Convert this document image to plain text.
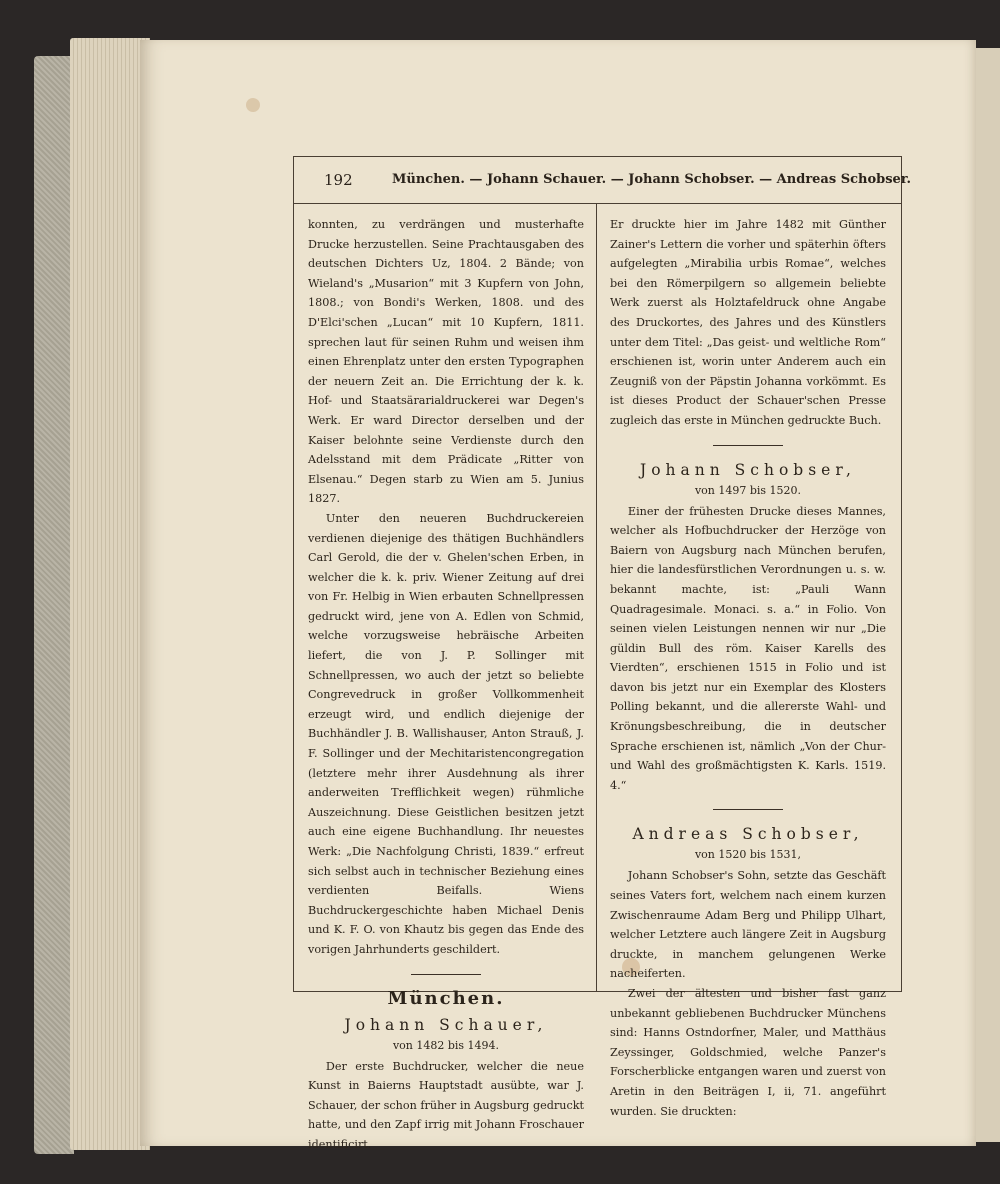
192	München. — Johann Schauer. — Johann Schobser. — Andreas Schobser.

konnten, zu verdrängen und musterhafte Drucke herzustellen. Seine Prachtausgaben des deutschen Dichters Uz, 1804. 2 Bände; von Wieland's „Musarion“ mit 3 Kupfern von John, 1808.; von Bondi's Werken, 1808. und des D'Elci'schen „Lucan“ mit 10 Kupfern, 1811. sprechen laut für seinen Ruhm und weisen ihm einen Ehrenplatz unter den ersten Typographen der neuern Zeit an. Die Errichtung der k. k. Hof- und Staatsärarialdruckerei war Degen's Werk. Er ward Director derselben und der Kaiser belohnte seine Verdienste durch den Adelsstand mit dem Prädicate „Ritter von Elsenau.“ Degen starb zu Wien am 5. Junius 1827.

Unter den neueren Buchdruckereien verdienen diejenige des thätigen Buchhändlers Carl Gerold, die der v. Ghelen'schen Erben, in welcher die k. k. priv. Wiener Zeitung auf drei von Fr. Helbig in Wien erbauten Schnellpressen gedruckt wird, jene von A. Edlen von Schmid, welche vorzugsweise hebräische Arbeiten liefert, die von J. P. Sollinger mit Schnellpressen, wo auch der jetzt so beliebte Congrevedruck in großer Vollkommenheit erzeugt wird, und endlich diejenige der Buchhändler J. B. Wallishauser, Anton Strauß, J. F. Sollinger und der Mechitaristencongregation (letztere mehr ihrer Ausdehnung als ihrer anderweiten Trefflichkeit wegen) rühmliche Auszeichnung. Diese Geistlichen besitzen jetzt auch eine eigene Buchhandlung. Ihr neuestes Werk: „Die Nachfolgung Christi, 1839.“ erfreut sich selbst auch in technischer Beziehung eines verdienten Beifalls. Wiens Buchdruckergeschichte haben Michael Denis und K. F. O. von Khautz bis gegen das Ende des vorigen Jahrhunderts geschildert.

München.
Johann Schauer,
von 1482 bis 1494.

Der erste Buchdrucker, welcher die neue Kunst in Baierns Hauptstadt ausübte, war J. Schauer, der schon früher in Augsburg gedruckt hatte, und den Zapf irrig mit Johann Froschauer identificirt.

Er druckte hier im Jahre 1482 mit Günther Zainer's Lettern die vorher und späterhin öfters aufgelegten „Mirabilia urbis Romae“, welches bei den Römerpilgern so allgemein beliebte Werk zuerst als Holztafeldruck ohne Angabe des Druckortes, des Jahres und des Künstlers unter dem Titel: „Das geist- und weltliche Rom“ erschienen ist, worin unter Anderem auch ein Zeugniß von der Päpstin Johanna vorkömmt. Es ist dieses Product der Schauer'schen Presse zugleich das erste in München gedruckte Buch.

Johann Schobser,
von 1497 bis 1520.

Einer der frühesten Drucke dieses Mannes, welcher als Hofbuchdrucker der Herzöge von Baiern von Augsburg nach München berufen, hier die landesfürstlichen Verordnungen u. s. w. bekannt machte, ist: „Pauli Wann Quadragesimale. Monaci. s. a.“ in Folio. Von seinen vielen Leistungen nennen wir nur „Die güldin Bull des röm. Kaiser Karells des Vierdten“, erschienen 1515 in Folio und ist davon bis jetzt nur ein Exemplar des Klosters Polling bekannt, und die allererste Wahl- und Krönungsbeschreibung, die in deutscher Sprache erschienen ist, nämlich „Von der Chur- und Wahl des großmächtigsten K. Karls. 1519. 4.“

Andreas Schobser,
von 1520 bis 1531,

Johann Schobser's Sohn, setzte das Geschäft seines Vaters fort, welchem nach einem kurzen Zwischenraume Adam Berg und Philipp Ulhart, welcher Letztere auch längere Zeit in Augsburg druckte, in manchem gelungenen Werke nacheiferten.

Zwei der ältesten und bisher fast ganz unbekannt gebliebenen Buchdrucker Münchens sind: Hanns Ostndorfner, Maler, und Matthäus Zeyssinger, Goldschmied, welche Panzer's Forscherblicke entgangen waren und zuerst von Aretin in den Beiträgen I, ii, 71. angeführt wurden. Sie druckten:
